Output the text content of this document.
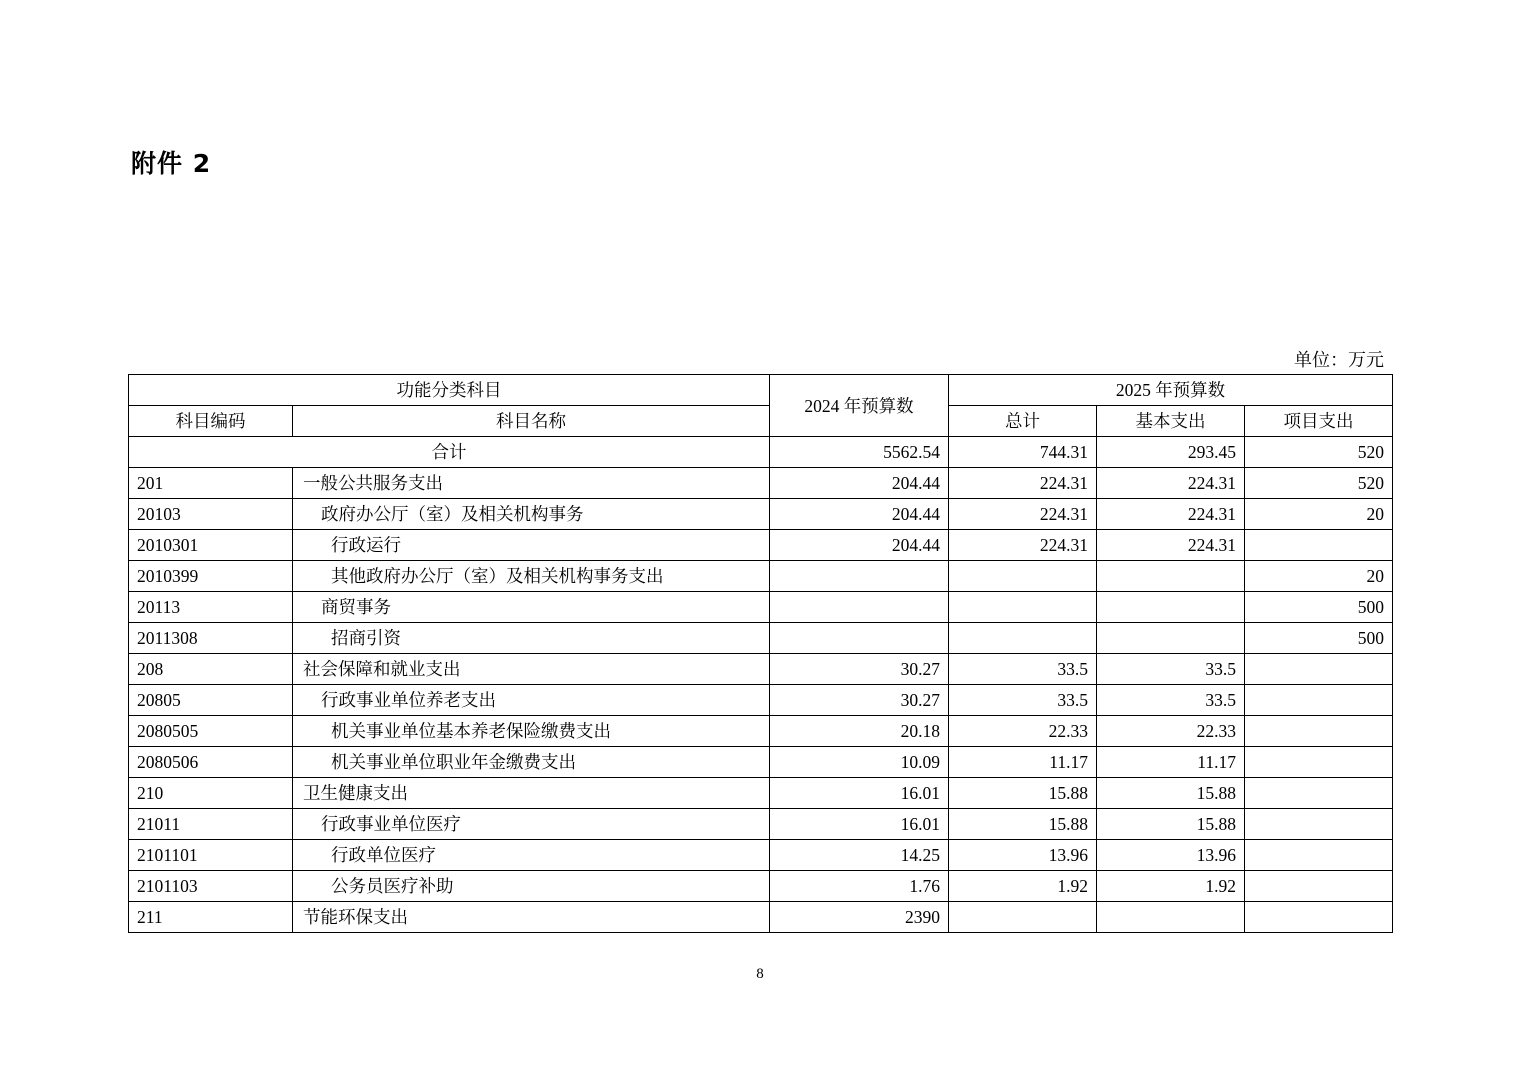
附件 2
单位：万元
功能分类科目		2024 年预算数	2025 年预算数		
科目编码	科目名称		总计	基本支出	项目支出
合计		5562.54	744.31	293.45	520
201	一般公共服务支出	204.44	224.31	224.31	520
20103	政府办公厅（室）及相关机构事务	204.44	224.31	224.31	20
2010301	行政运行	204.44	224.31	224.31	
2010399	其他政府办公厅（室）及相关机构事务支出				20
20113	商贸事务				500
2011308	招商引资				500
208	社会保障和就业支出	30.27	33.5	33.5	
20805	行政事业单位养老支出	30.27	33.5	33.5	
2080505	机关事业单位基本养老保险缴费支出	20.18	22.33	22.33	
2080506	机关事业单位职业年金缴费支出	10.09	11.17	11.17	
210	卫生健康支出	16.01	15.88	15.88	
21011	行政事业单位医疗	16.01	15.88	15.88	
2101101	行政单位医疗	14.25	13.96	13.96	
2101103	公务员医疗补助	1.76	1.92	1.92	
211	节能环保支出	2390			
8
